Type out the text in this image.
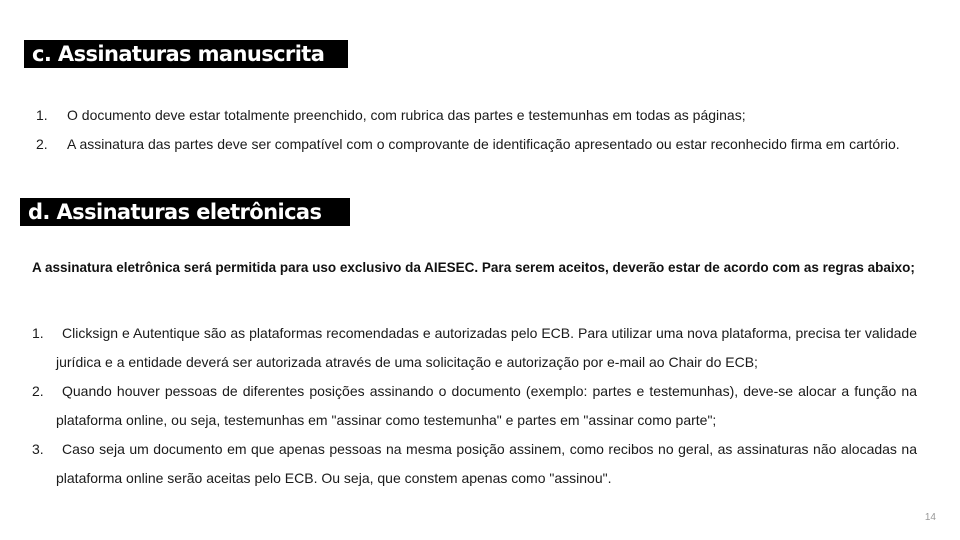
c. Assinaturas manuscrita
1. O documento deve estar totalmente preenchido, com rubrica das partes e testemunhas em todas as páginas;
2. A assinatura das partes deve ser compatível com o comprovante de identificação apresentado ou estar reconhecido firma em cartório.
d. Assinaturas eletrônicas

A assinatura eletrônica será permitida para uso exclusivo da AIESEC. Para serem aceitos, deverão estar de acordo com as regras abaixo;

1. Clicksign e Autentique são as plataformas recomendadas e autorizadas pelo ECB. Para utilizar uma nova plataforma, precisa ter validade jurídica e a entidade deverá ser autorizada através de uma solicitação e autorização por e-mail ao Chair do ECB;
2. Quando houver pessoas de diferentes posições assinando o documento (exemplo: partes e testemunhas), deve-se alocar a função na plataforma online, ou seja, testemunhas em "assinar como testemunha" e partes em "assinar como parte";
3. Caso seja um documento em que apenas pessoas na mesma posição assinem, como recibos no geral, as assinaturas não alocadas na plataforma online serão aceitas pelo ECB. Ou seja, que constem apenas como "assinou".
14
